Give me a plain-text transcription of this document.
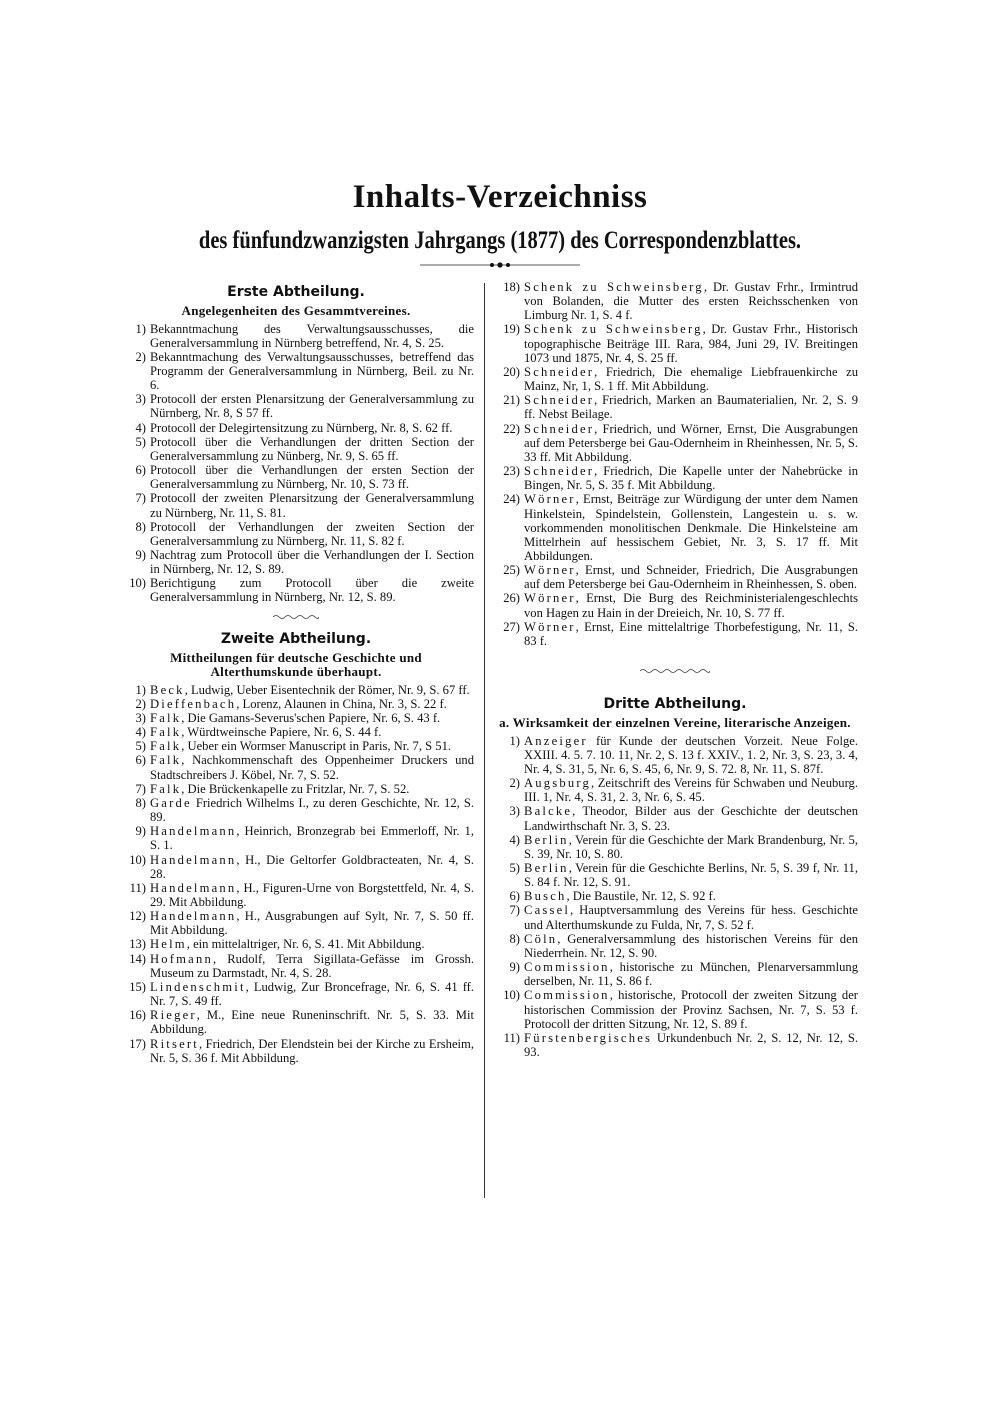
Inhalts-Verzeichniss
des fünfundzwanzigsten Jahrgangs (1877) des Correspondenzblattes.
Erste Abtheilung.
Angelegenheiten des Gesammtvereines.
1) Bekanntmachung des Verwaltungsausschusses, die Generalversammlung in Nürnberg betreffend, Nr. 4, S. 25.
2) Bekanntmachung des Verwaltungsausschusses, betreffend das Programm der Generalversammlung in Nürnberg, Beil. zu Nr. 6.
3) Protocoll der ersten Plenarsitzung der Generalversammlung zu Nürnberg, Nr. 8, S 57 ff.
4) Protocoll der Delegirtensitzung zu Nürnberg, Nr. 8, S. 62 ff.
5) Protocoll über die Verhandlungen der dritten Section der Generalversammlung zu Nünberg, Nr. 9, S. 65 ff.
6) Protocoll über die Verhandlungen der ersten Section der Generalversammlung zu Nürnberg, Nr. 10, S. 73 ff.
7) Protocoll der zweiten Plenarsitzung der Generalversammlung zu Nürnberg, Nr. 11, S. 81.
8) Protocoll der Verhandlungen der zweiten Section der Generalversammlung zu Nürnberg, Nr. 11, S. 82 f.
9) Nachtrag zum Protocoll über die Verhandlungen der I. Section in Nürnberg, Nr. 12, S. 89.
10) Berichtigung zum Protocoll über die zweite Generalversammlung in Nürnberg, Nr. 12, S. 89.
Zweite Abtheilung.
Mittheilungen für deutsche Geschichte und Alterthumskunde überhaupt.
1) Beck, Ludwig, Ueber Eisentechnik der Römer, Nr. 9, S. 67 ff.
2) Dieffenbach, Lorenz, Alaunen in China, Nr. 3, S. 22 f.
3) Falk, Die Gamans-Severus'schen Papiere, Nr. 6, S. 43 f.
4) Falk, Würdtweinsche Papiere, Nr. 6, S. 44 f.
5) Falk, Ueber ein Wormser Manuscript in Paris, Nr. 7, S 51.
6) Falk, Nachkommenschaft des Oppenheimer Druckers und Stadtschreibers J. Köbel, Nr. 7, S. 52.
7) Falk, Die Brückenkapelle zu Fritzlar, Nr. 7, S. 52.
8) Garde Friedrich Wilhelms I., zu deren Geschichte, Nr. 12, S. 89.
9) Handelmann, Heinrich, Bronzegrab bei Emmerloff, Nr. 1, S. 1.
10) Handelmann, H., Die Geltorfer Goldbracteaten, Nr. 4, S. 28.
11) Handelmann, H., Figuren-Urne von Borgstettfeld, Nr. 4, S. 29. Mit Abbildung.
12) Handelmann, H., Ausgrabungen auf Sylt, Nr. 7, S. 50 ff. Mit Abbildung.
13) Helm, ein mittelaltriger, Nr. 6, S. 41. Mit Abbildung.
14) Hofmann, Rudolf, Terra Sigillata-Gefässe im Grossh. Museum zu Darmstadt, Nr. 4, S. 28.
15) Lindenschmit, Ludwig, Zur Broncefrage, Nr. 6, S. 41 ff. Nr. 7, S. 49 ff.
16) Rieger, M., Eine neue Runeninschrift. Nr. 5, S. 33. Mit Abbildung.
17) Ritsert, Friedrich, Der Elendstein bei der Kirche zu Ersheim, Nr. 5, S. 36 f. Mit Abbildung.
18) Schenk zu Schweinsberg, Dr. Gustav Frhr., Irmintrud von Bolanden, die Mutter des ersten Reichsschenken von Limburg Nr. 1, S. 4 f.
19) Schenk zu Schweinsberg, Dr. Gustav Frhr., Historisch topographische Beiträge III. Rara, 984, Juni 29, IV. Breitingen 1073 und 1875, Nr. 4, S. 25 ff.
20) Schneider, Friedrich, Die ehemalige Liebfrauenkirche zu Mainz, Nr, 1, S. 1 ff. Mit Abbildung.
21) Schneider, Friedrich, Marken an Baumaterialien, Nr. 2, S. 9 ff. Nebst Beilage.
22) Schneider, Friedrich, und Wörner, Ernst, Die Ausgrabungen auf dem Petersberge bei Gau-Odernheim in Rheinhessen, Nr. 5, S. 33 ff. Mit Abbildung.
23) Schneider, Friedrich, Die Kapelle unter der Nahebrücke in Bingen, Nr. 5, S. 35 f. Mit Abbildung.
24) Wörner, Ernst, Beiträge zur Würdigung der unter dem Namen Hinkelstein, Spindelstein, Gollenstein, Langestein u. s. w. vorkommenden monolitischen Denkmale. Die Hinkelsteine am Mittelrhein auf hessischem Gebiet, Nr. 3, S. 17 ff. Mit Abbildungen.
25) Wörner, Ernst, und Schneider, Friedrich, Die Ausgrabungen auf dem Petersberge bei Gau-Odernheim in Rheinhessen, S. oben.
26) Wörner, Ernst, Die Burg des Reichministerialengeschlechts von Hagen zu Hain in der Dreieich, Nr. 10, S. 77 ff.
27) Wörner, Ernst, Eine mittelaltrige Thorbefestigung, Nr. 11, S. 83 f.
Dritte Abtheilung.
a. Wirksamkeit der einzelnen Vereine, literarische Anzeigen.
1) Anzeiger für Kunde der deutschen Vorzeit. Neue Folge. XXIII. 4. 5. 7. 10. 11, Nr. 2, S. 13 f. XXIV., 1. 2, Nr. 3, S. 23, 3. 4, Nr. 4, S. 31, 5, Nr. 6, S. 45, 6, Nr. 9, S. 72. 8, Nr. 11, S. 87f.
2) Augsburg, Zeitschrift des Vereins für Schwaben und Neuburg. III. 1, Nr. 4, S. 31, 2. 3, Nr. 6, S. 45.
3) Balcke, Theodor, Bilder aus der Geschichte der deutschen Landwirthschaft Nr. 3, S. 23.
4) Berlin, Verein für die Geschichte der Mark Brandenburg, Nr. 5, S. 39, Nr. 10, S. 80.
5) Berlin, Verein für die Geschichte Berlins, Nr. 5, S. 39 f, Nr. 11, S. 84 f. Nr. 12, S. 91.
6) Busch, Die Baustile, Nr. 12, S. 92 f.
7) Cassel, Hauptversammlung des Vereins für hess. Geschichte und Alterthumskunde zu Fulda, Nr, 7, S. 52 f.
8) Cöln, Generalversammlung des historischen Vereins für den Niederrhein. Nr. 12, S. 90.
9) Commission, historische zu München, Plenarversammlung derselben, Nr. 11, S. 86 f.
10) Commission, historische, Protocoll der zweiten Sitzung der historischen Commission der Provinz Sachsen, Nr. 7, S. 53 f. Protocoll der dritten Sitzung, Nr. 12, S. 89 f.
11) Fürstenbergisches Urkundenbuch Nr. 2, S. 12, Nr. 12, S. 93.
